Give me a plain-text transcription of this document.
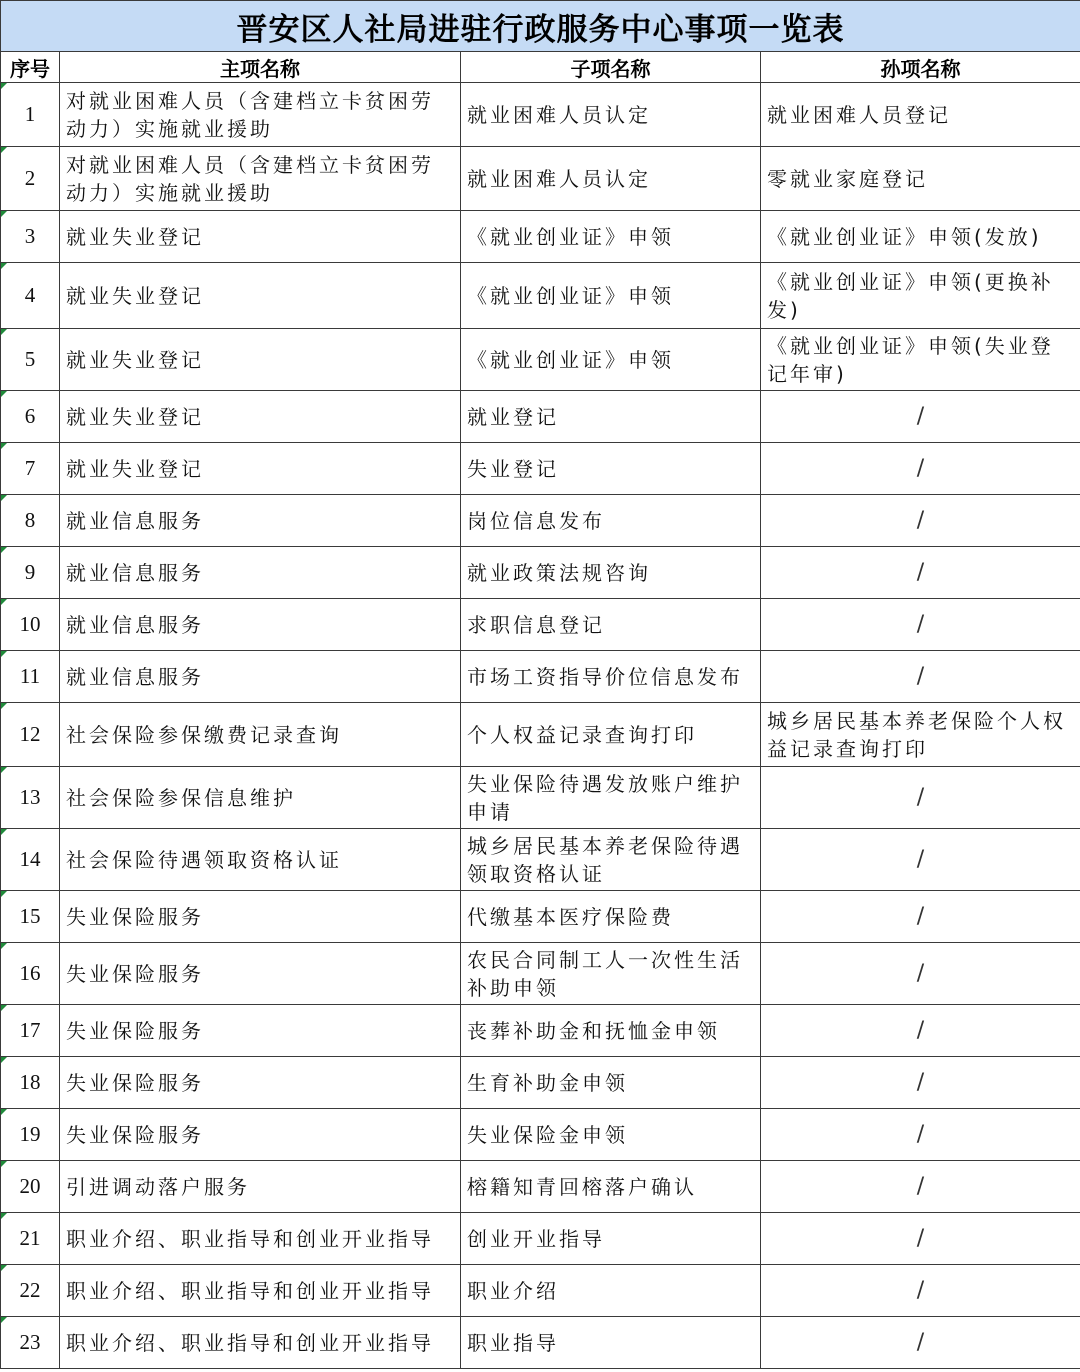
晋安区人社局进驻行政服务中心事项一览表			
序号	主项名称	子项名称	孙项名称
1	对就业困难人员（含建档立卡贫困劳动力）实施就业援助	就业困难人员认定	就业困难人员登记
2	对就业困难人员（含建档立卡贫困劳动力）实施就业援助	就业困难人员认定	零就业家庭登记
3	就业失业登记	《就业创业证》申领	《就业创业证》申领(发放)
4	就业失业登记	《就业创业证》申领	《就业创业证》申领(更换补发)
5	就业失业登记	《就业创业证》申领	《就业创业证》申领(失业登记年审)
6	就业失业登记	就业登记	/
7	就业失业登记	失业登记	/
8	就业信息服务	岗位信息发布	/
9	就业信息服务	就业政策法规咨询	/
10	就业信息服务	求职信息登记	/
11	就业信息服务	市场工资指导价位信息发布	/
12	社会保险参保缴费记录查询	个人权益记录查询打印	城乡居民基本养老保险个人权益记录查询打印
13	社会保险参保信息维护	失业保险待遇发放账户维护申请	/
14	社会保险待遇领取资格认证	城乡居民基本养老保险待遇领取资格认证	/
15	失业保险服务	代缴基本医疗保险费	/
16	失业保险服务	农民合同制工人一次性生活补助申领	/
17	失业保险服务	丧葬补助金和抚恤金申领	/
18	失业保险服务	生育补助金申领	/
19	失业保险服务	失业保险金申领	/
20	引进调动落户服务	榕籍知青回榕落户确认	/
21	职业介绍、职业指导和创业开业指导	创业开业指导	/
22	职业介绍、职业指导和创业开业指导	职业介绍	/
23	职业介绍、职业指导和创业开业指导	职业指导	/
